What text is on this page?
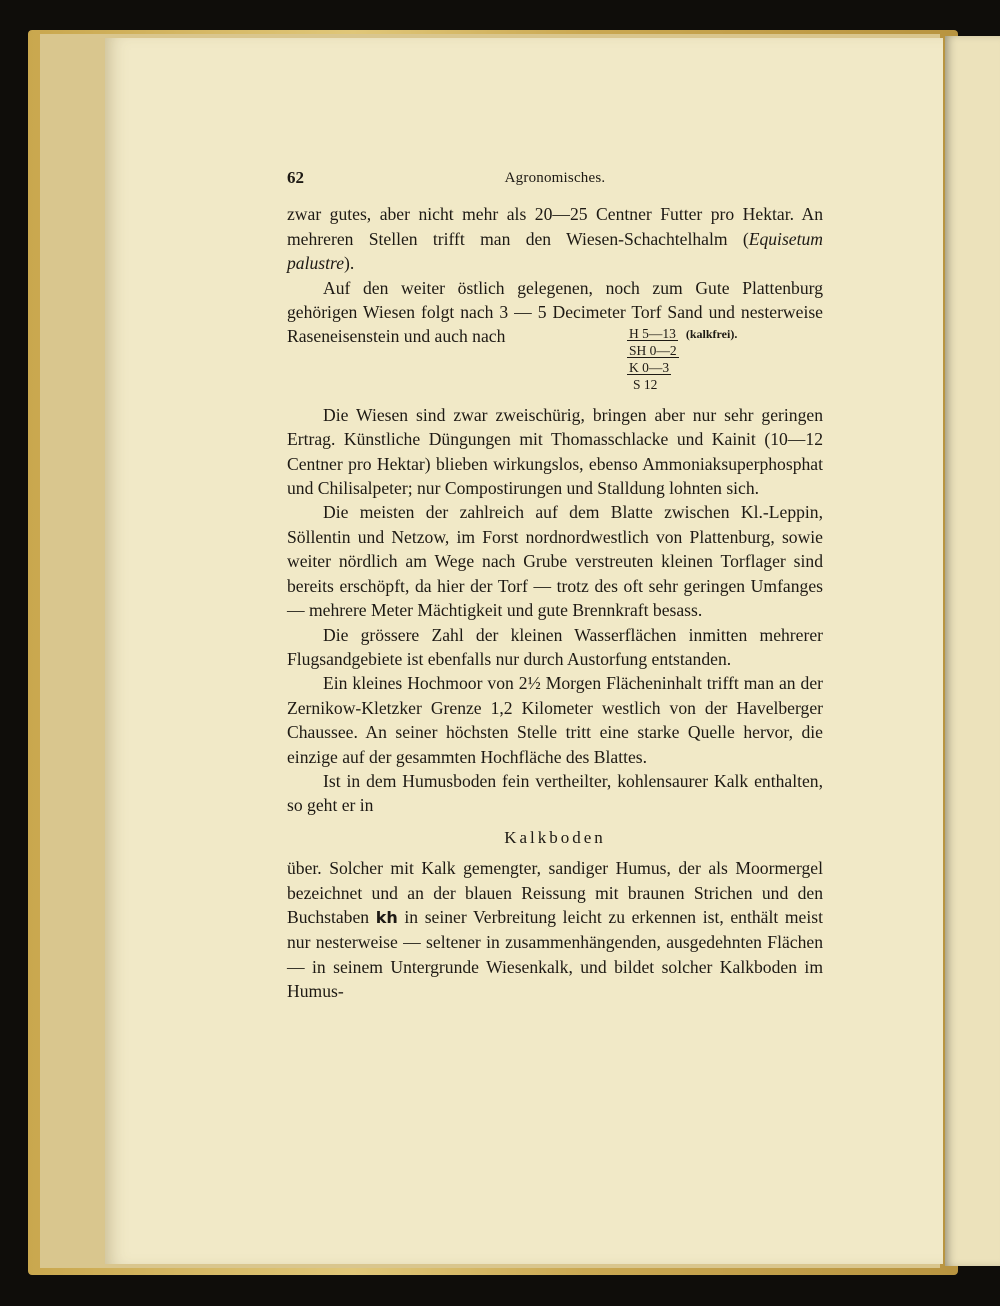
62	Agronomisches.

zwar gutes, aber nicht mehr als 20—25 Centner Futter pro Hektar. An mehreren Stellen trifft man den Wiesen-Schachtelhalm (Equisetum palustre).

Auf den weiter östlich gelegenen, noch zum Gute Plattenburg gehörigen Wiesen folgt nach 3 — 5 Decimeter Torf Sand und nesterweise Raseneisenstein und auch nach	H 5—13 (kalkfrei).
SH 0—2
K 0—3
S 12

Die Wiesen sind zwar zweischürig, bringen aber nur sehr geringen Ertrag. Künstliche Düngungen mit Thomasschlacke und Kainit (10—12 Centner pro Hektar) blieben wirkungslos, ebenso Ammoniaksuperphosphat und Chilisalpeter; nur Compostirungen und Stalldung lohnten sich.

Die meisten der zahlreich auf dem Blatte zwischen Kl.-Leppin, Söllentin und Netzow, im Forst nordnordwestlich von Plattenburg, sowie weiter nördlich am Wege nach Grube verstreuten kleinen Torflager sind bereits erschöpft, da hier der Torf — trotz des oft sehr geringen Umfanges — mehrere Meter Mächtigkeit und gute Brennkraft besass.

Die grössere Zahl der kleinen Wasserflächen inmitten mehrerer Flugsandgebiete ist ebenfalls nur durch Austorfung entstanden.

Ein kleines Hochmoor von 2½ Morgen Flächeninhalt trifft man an der Zernikow-Kletzker Grenze 1,2 Kilometer westlich von der Havelberger Chaussee. An seiner höchsten Stelle tritt eine starke Quelle hervor, die einzige auf der gesammten Hochfläche des Blattes.

Ist in dem Humusboden fein vertheilter, kohlensaurer Kalk enthalten, so geht er in

Kalkboden

über. Solcher mit Kalk gemengter, sandiger Humus, der als Moormergel bezeichnet und an der blauen Reissung mit braunen Strichen und den Buchstaben kh in seiner Verbreitung leicht zu erkennen ist, enthält meist nur nesterweise — seltener in zusammenhängenden, ausgedehnten Flächen — in seinem Untergrunde Wiesenkalk, und bildet solcher Kalkboden im Humus-
